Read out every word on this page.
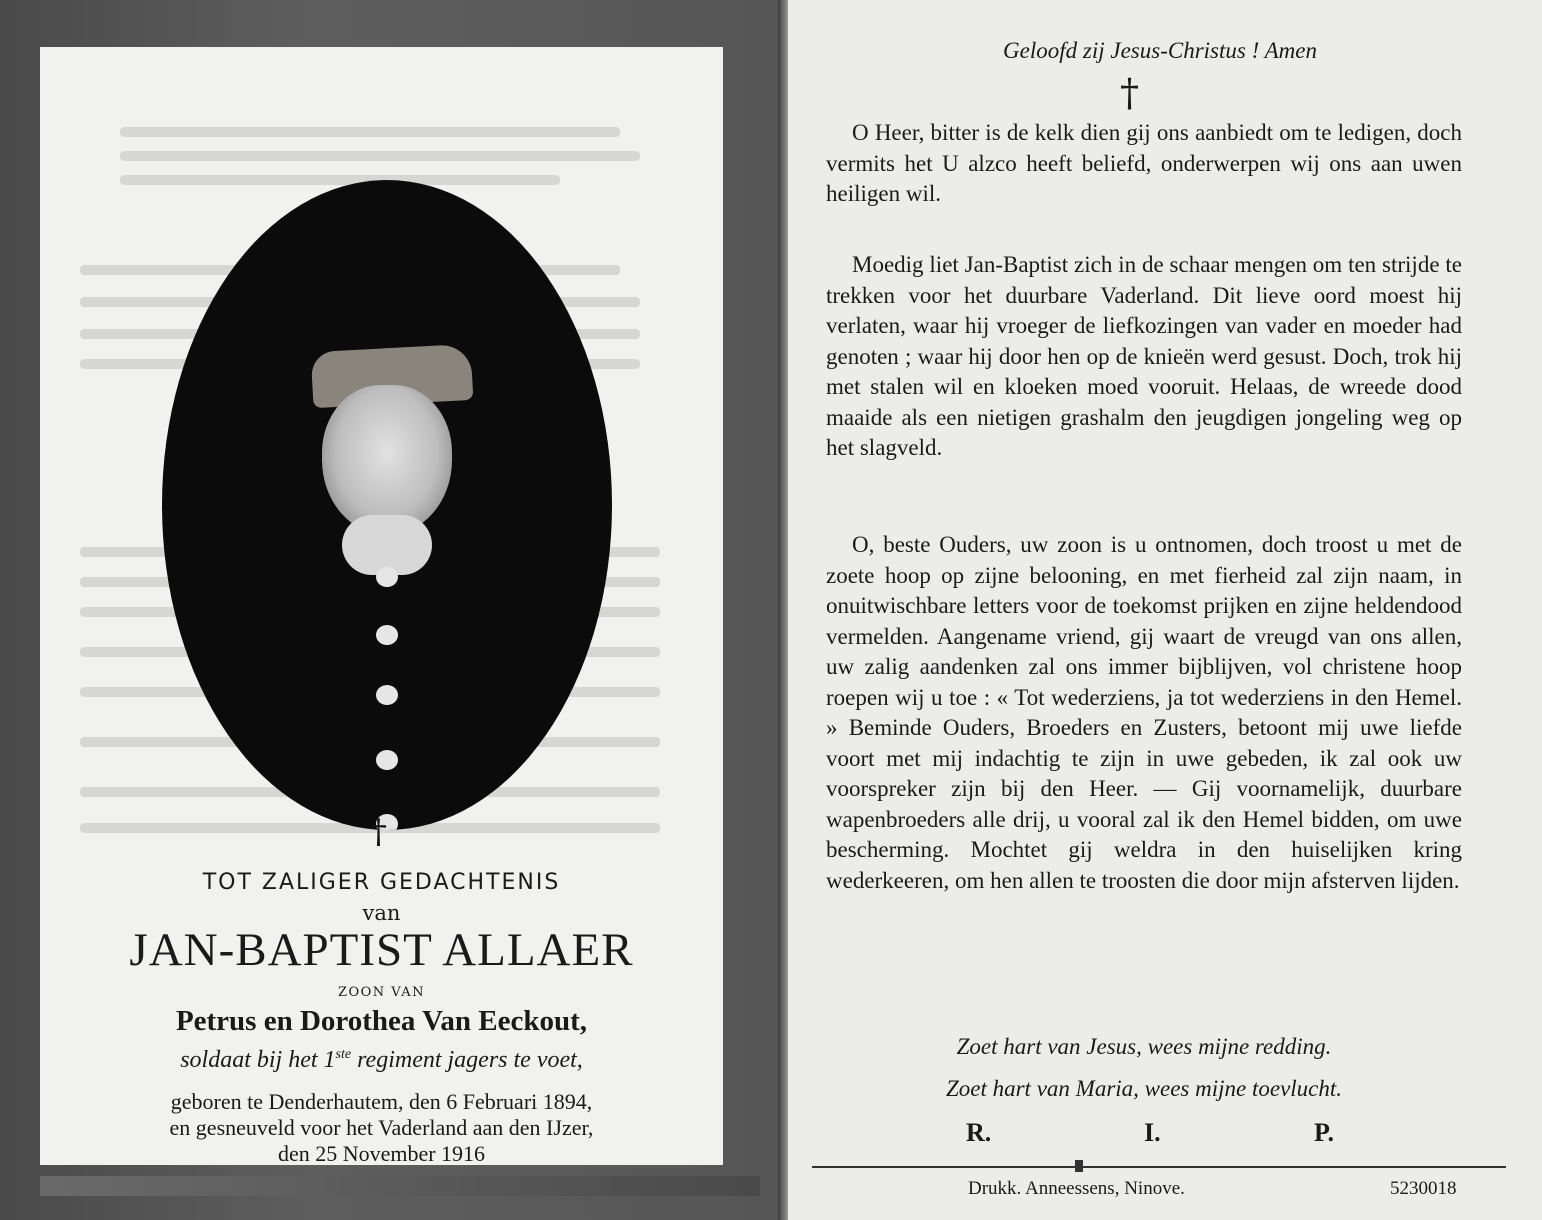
†
TOT ZALIGER GEDACHTENIS
van
JAN-BAPTIST ALLAER
ZOON VAN
Petrus en Dorothea Van Eeckout,
soldaat bij het 1ste regiment jagers te voet,
geboren te Denderhautem, den 6 Februari 1894,
en gesneuveld voor het Vaderland aan den IJzer,
den 25 November 1916
Geloofd zij Jesus-Christus ! Amen
†
O Heer, bitter is de kelk dien gij ons aanbiedt om te ledigen, doch vermits het U alzco heeft beliefd, onderwerpen wij ons aan uwen heiligen wil.
Moedig liet Jan-Baptist zich in de schaar mengen om ten strijde te trekken voor het duurbare Vaderland. Dit lieve oord moest hij verlaten, waar hij vroeger de liefkozingen van vader en moeder had genoten ; waar hij door hen op de knieën werd gesust. Doch, trok hij met stalen wil en kloeken moed vooruit. Helaas, de wreede dood maaide als een nietigen grashalm den jeugdigen jongeling weg op het slagveld.
O, beste Ouders, uw zoon is u ontnomen, doch troost u met de zoete hoop op zijne belooning, en met fierheid zal zijn naam, in onuitwischbare letters voor de toekomst prijken en zijne heldendood vermelden. Aangename vriend, gij waart de vreugd van ons allen, uw zalig aandenken zal ons immer bijblijven, vol christene hoop roepen wij u toe : « Tot wederziens, ja tot wederziens in den Hemel. » Beminde Ouders, Broeders en Zusters, betoont mij uwe liefde voort met mij indachtig te zijn in uwe gebeden, ik zal ook uw voorspreker zijn bij den Heer. — Gij voornamelijk, duurbare wapenbroeders alle drij, u vooral zal ik den Hemel bidden, om uwe bescherming. Mochtet gij weldra in den huiselijken kring wederkeeren, om hen allen te troosten die door mijn afsterven lijden.
Zoet hart van Jesus, wees mijne redding.
Zoet hart van Maria, wees mijne toevlucht.
R.	I.	P.
Drukk. Anneessens, Ninove.	5230018
